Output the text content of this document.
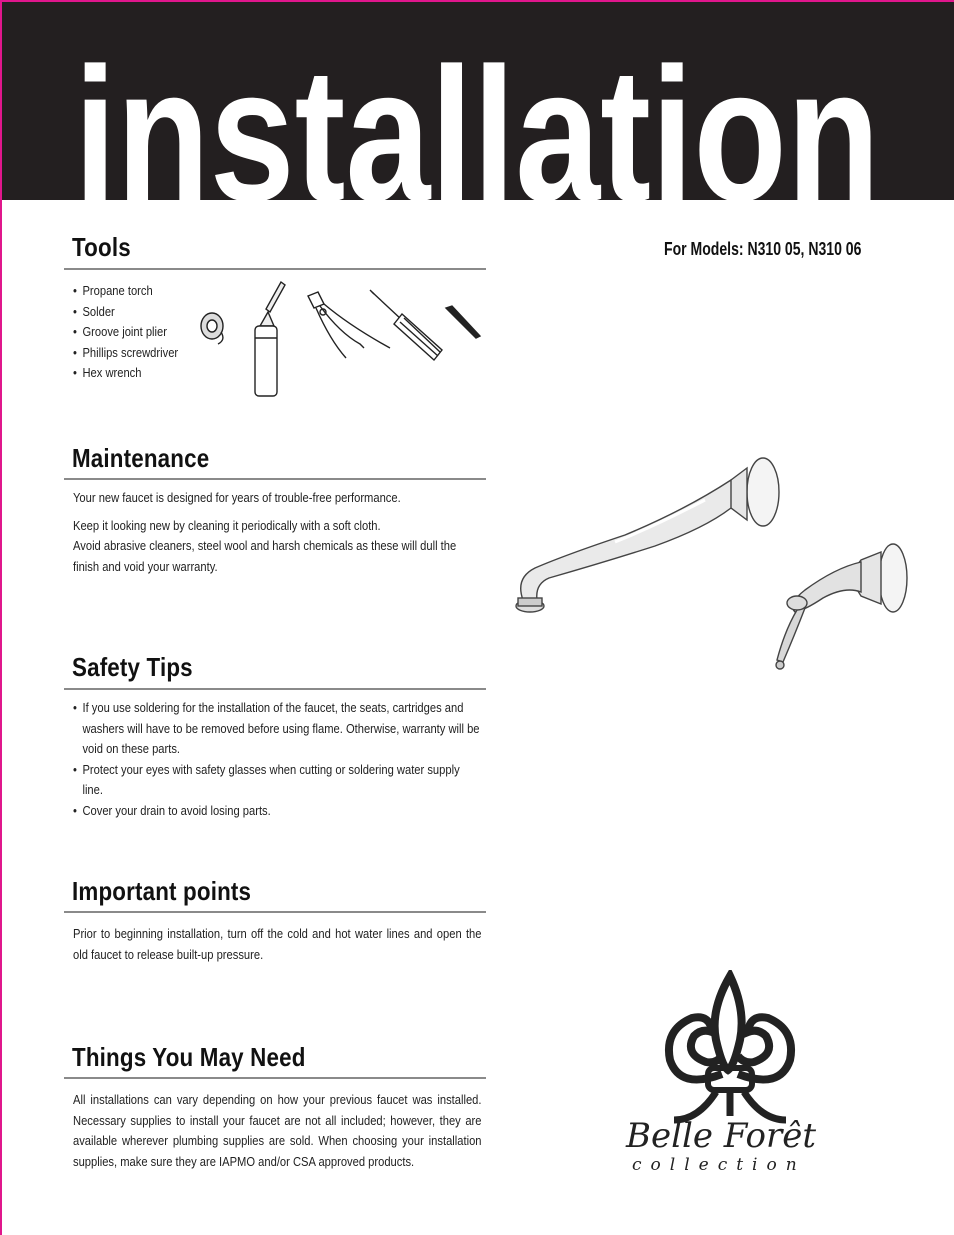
installation
Tools	For Models: N310 05, N310 06
• Propane torch
• Solder
• Groove joint plier
• Phillips screwdriver
• Hex wrench
Maintenance

Your new faucet is designed for years of trouble-free performance.

Keep it looking new by cleaning it periodically with a soft cloth.

Avoid abrasive cleaners, steel wool and harsh chemicals as these will dull the finish and void your warranty.

Safety Tips
• If you use soldering for the installation of the faucet, the seats, cartridges and washers will have to be removed before using flame. Otherwise, warranty will be void on these parts.
• Protect your eyes with safety glasses when cutting or soldering water supply line.
• Cover your drain to avoid losing parts.
Important points
Prior to beginning installation, turn off the cold and hot water lines and open the old faucet to release built-up pressure.
Things You May Need
All installations can vary depending on how your previous faucet was installed. Necessary supplies to install your faucet are not all included; however, they are available wherever plumbing supplies are sold. When choosing your installation supplies, make sure they are IAPMO and/or CSA approved products.
Belle Forêt
collection
